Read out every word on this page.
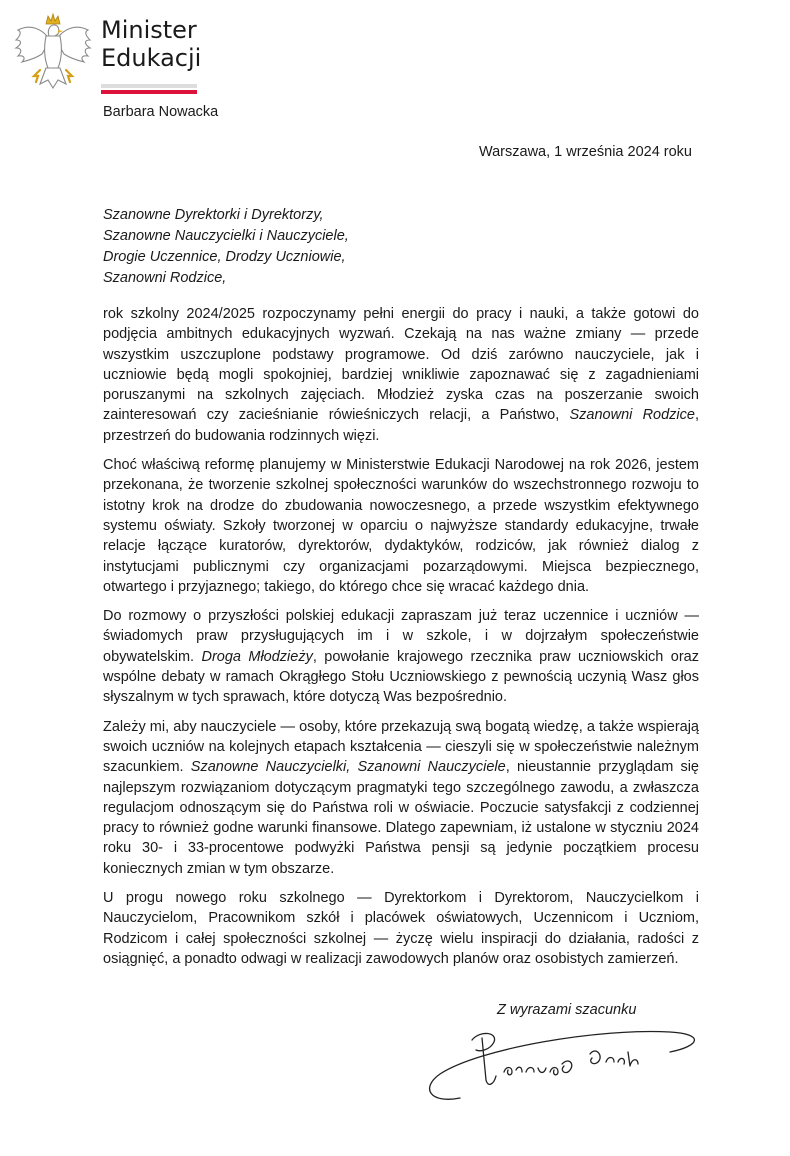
Minister
Edukacji
Barbara Nowacka
Warszawa, 1 września 2024 roku
Szanowne Dyrektorki i Dyrektorzy,
Szanowne Nauczycielki i Nauczyciele,
Drogie Uczennice, Drodzy Uczniowie,
Szanowni Rodzice,

rok szkolny 2024/2025 rozpoczynamy pełni energii do pracy i nauki, a także gotowi do podjęcia ambitnych edukacyjnych wyzwań. Czekają na nas ważne zmiany — przede wszystkim uszczuplone podstawy programowe. Od dziś zarówno nauczyciele, jak i uczniowie będą mogli spokojniej, bardziej wnikliwie zapoznawać się z zagadnieniami poruszanymi na szkolnych zajęciach. Młodzież zyska czas na poszerzanie swoich zainteresowań czy zacieśnianie rówieśniczych relacji, a Państwo, Szanowni Rodzice, przestrzeń do budowania rodzinnych więzi.

Choć właściwą reformę planujemy w Ministerstwie Edukacji Narodowej na rok 2026, jestem przekonana, że tworzenie szkolnej społeczności warunków do wszechstronnego rozwoju to istotny krok na drodze do zbudowania nowoczesnego, a przede wszystkim efektywnego systemu oświaty. Szkoły tworzonej w oparciu o najwyższe standardy edukacyjne, trwałe relacje łączące kuratorów, dyrektorów, dydaktyków, rodziców, jak również dialog z instytucjami publicznymi czy organizacjami pozarządowymi. Miejsca bezpiecznego, otwartego i przyjaznego; takiego, do którego chce się wracać każdego dnia.

Do rozmowy o przyszłości polskiej edukacji zapraszam już teraz uczennice i uczniów — świadomych praw przysługujących im i w szkole, i w dojrzałym społeczeństwie obywatelskim. Droga Młodzieży, powołanie krajowego rzecznika praw uczniowskich oraz wspólne debaty w ramach Okrągłego Stołu Uczniowskiego z pewnością uczynią Wasz głos słyszalnym w tych sprawach, które dotyczą Was bezpośrednio.

Zależy mi, aby nauczyciele — osoby, które przekazują swą bogatą wiedzę, a także wspierają swoich uczniów na kolejnych etapach kształcenia — cieszyli się w społeczeństwie należnym szacunkiem. Szanowne Nauczycielki, Szanowni Nauczyciele, nieustannie przyglądam się najlepszym rozwiązaniom dotyczącym pragmatyki tego szczególnego zawodu, a zwłaszcza regulacjom odnoszącym się do Państwa roli w oświacie. Poczucie satysfakcji z codziennej pracy to również godne warunki finansowe. Dlatego zapewniam, iż ustalone w styczniu 2024 roku 30- i 33-procentowe podwyżki Państwa pensji są jedynie początkiem procesu koniecznych zmian w tym obszarze.

U progu nowego roku szkolnego — Dyrektorkom i Dyrektorom, Nauczycielkom i Nauczycielom, Pracownikom szkół i placówek oświatowych, Uczennicom i Uczniom, Rodzicom i całej społeczności szkolnej — życzę wielu inspiracji do działania, radości z osiągnięć, a ponadto odwagi w realizacji zawodowych planów oraz osobistych zamierzeń.

Z wyrazami szacunku
